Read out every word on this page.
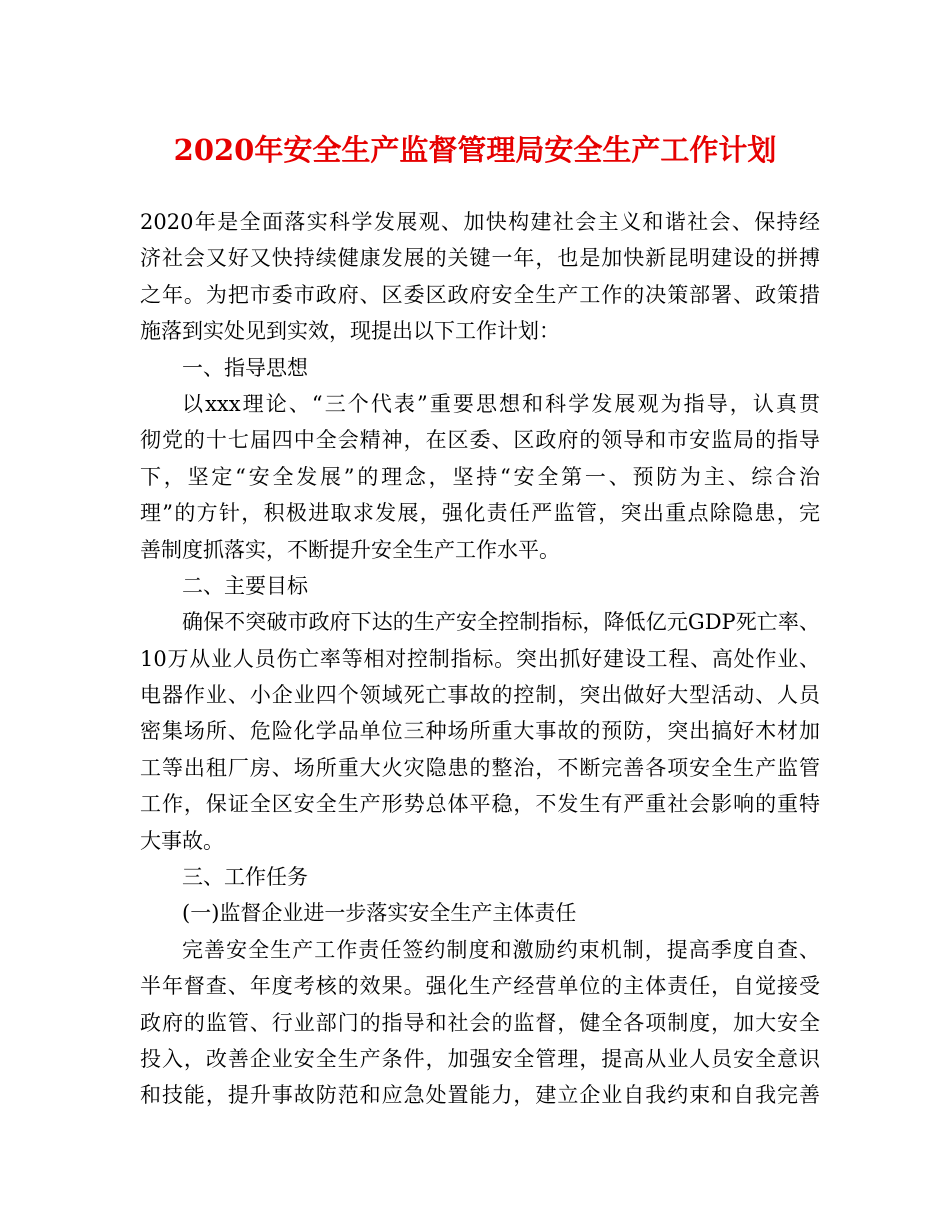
2020年安全生产监督管理局安全生产工作计划
2020年是全面落实科学发展观、加快构建社会主义和谐社会、保持经
济社会又好又快持续健康发展的关键一年，也是加快新昆明建设的拼搏
之年。为把市委市政府、区委区政府安全生产工作的决策部署、政策措
施落到实处见到实效，现提出以下工作计划：
一、指导思想
以xxx理论、“三个代表”重要思想和科学发展观为指导，认真贯
彻党的十七届四中全会精神，在区委、区政府的领导和市安监局的指导
下，坚定“安全发展”的理念，坚持“安全第一、预防为主、综合治
理”的方针，积极进取求发展，强化责任严监管，突出重点除隐患，完
善制度抓落实，不断提升安全生产工作水平。
二、主要目标
确保不突破市政府下达的生产安全控制指标，降低亿元GDP死亡率、
10万从业人员伤亡率等相对控制指标。突出抓好建设工程、高处作业、
电器作业、小企业四个领域死亡事故的控制，突出做好大型活动、人员
密集场所、危险化学品单位三种场所重大事故的预防，突出搞好木材加
工等出租厂房、场所重大火灾隐患的整治，不断完善各项安全生产监管
工作，保证全区安全生产形势总体平稳，不发生有严重社会影响的重特
大事故。
三、工作任务
(一)监督企业进一步落实安全生产主体责任
完善安全生产工作责任签约制度和激励约束机制，提高季度自查、
半年督查、年度考核的效果。强化生产经营单位的主体责任，自觉接受
政府的监管、行业部门的指导和社会的监督，健全各项制度，加大安全
投入，改善企业安全生产条件，加强安全管理，提高从业人员安全意识
和技能，提升事故防范和应急处置能力，建立企业自我约束和自我完善
